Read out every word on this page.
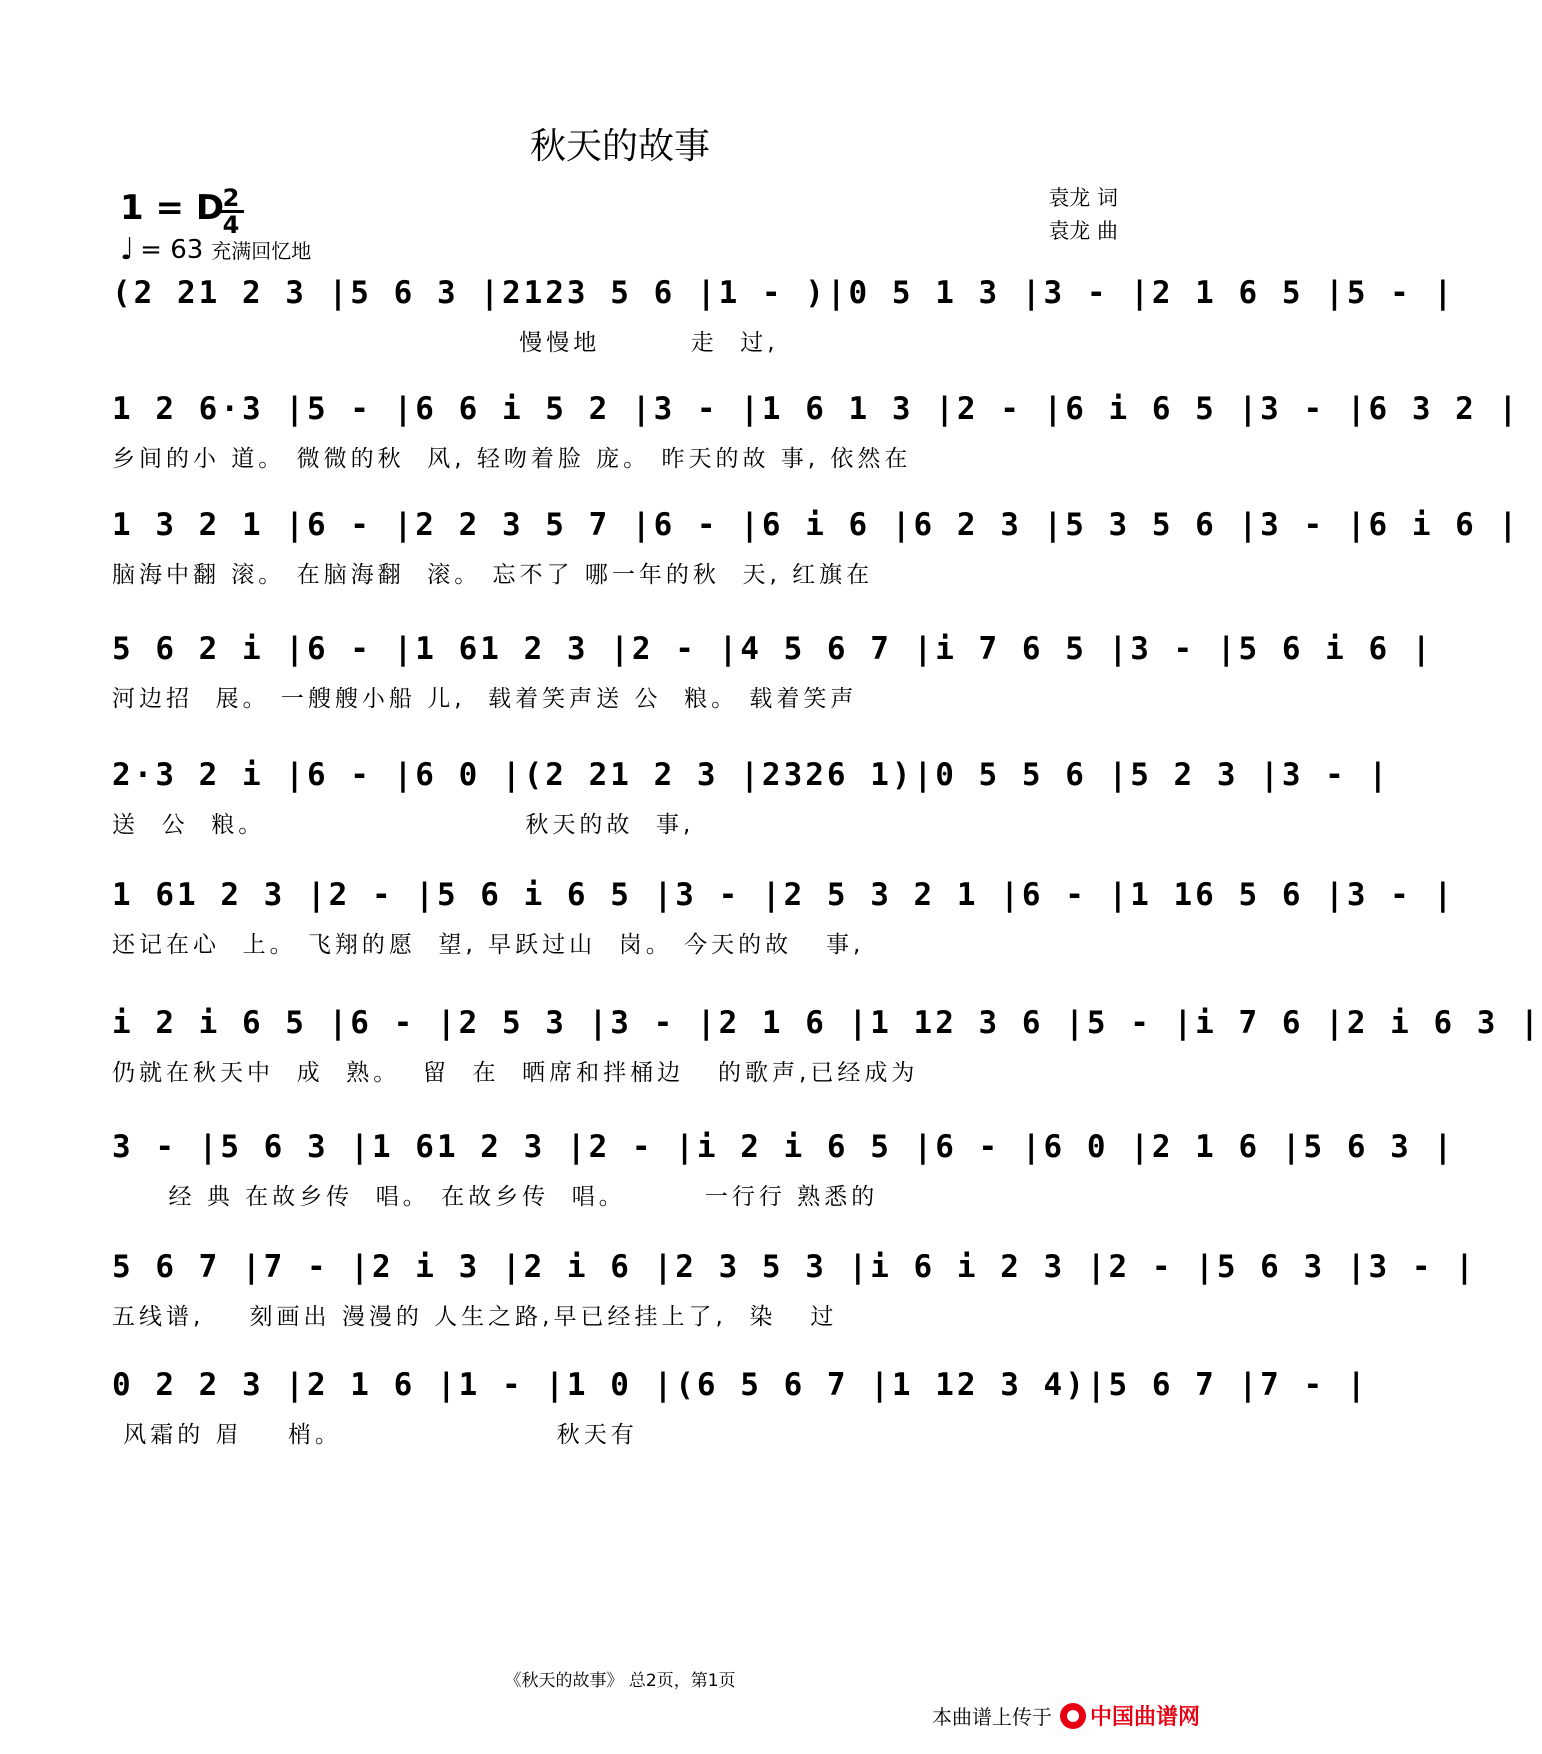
秋天的故事
1 = D
2
4
♩ = 63 充满回忆地
袁龙 词
袁龙 曲
(2 21 2 3 |5 6 3 |2123 5 6 |1 - )|0 5 1 3 |3 - |2 1 6 5 |5 - |
慢慢地        走  过,
1 2 6·3 |5 - |6 6 i 5 2 |3 - |1 6 1 3 |2 - |6 i 6 5 |3 - |6 3 2 |
乡间的小 道。 微微的秋  风, 轻吻着脸 庞。 昨天的故 事, 依然在
1 3 2 1 |6 - |2 2 3 5 7 |6 - |6 i 6 |6 2 3 |5 3 5 6 |3 - |6 i 6 |
脑海中翻 滚。 在脑海翻  滚。 忘不了 哪一年的秋  天, 红旗在
5 6 2 i |6 - |1 61 2 3 |2 - |4 5 6 7 |i 7 6 5 |3 - |5 6 i 6 |
河边招  展。 一艘艘小船 儿,  载着笑声送 公  粮。 载着笑声
2·3 2 i |6 - |6 0 |(2 21 2 3 |2326 1)|0 5 5 6 |5 2 3 |3 - |
送  公  粮。                       秋天的故  事,
1 61 2 3 |2 - |5 6 i 6 5 |3 - |2 5 3 2 1 |6 - |1 16 5 6 |3 - |
还记在心  上。 飞翔的愿  望, 早跃过山  岗。 今天的故   事,
i 2 i 6 5 |6 - |2 5 3 |3 - |2 1 6 |1 12 3 6 |5 - |i 7 6 |2 i 6 3 |
仍就在秋天中  成  熟。  留  在  晒席和拌桶边   的歌声,已经成为
3 - |5 6 3 |1 61 2 3 |2 - |i 2 i 6 5 |6 - |6 0 |2 1 6 |5 6 3 |
经 典 在故乡传  唱。 在故乡传  唱。       一行行 熟悉的
5 6 7 |7 - |2 i 3 |2 i 6 |2 3 5 3 |i 6 i 2 3 |2 - |5 6 3 |3 - |
五线谱,    刻画出 漫漫的 人生之路,早已经挂上了,  染   过
0 2 2 3 |2 1 6 |1 - |1 0 |(6 5 6 7 |1 12 3 4)|5 6 7 |7 - |
风霜的 眉    梢。                   秋天有
《秋天的故事》 总2页，第1页
本曲谱上传于 中国 曲谱网
